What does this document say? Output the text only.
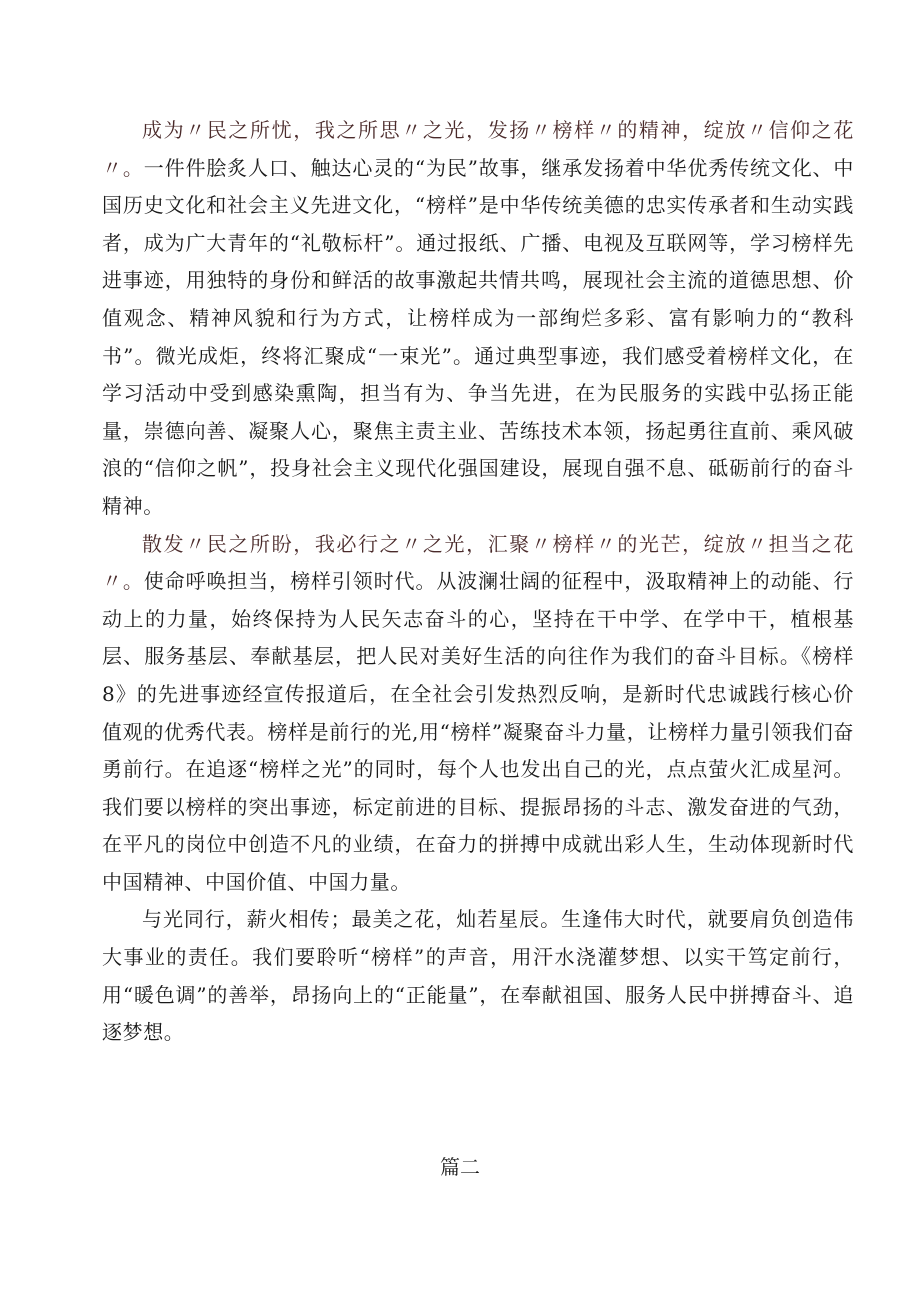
成为〃民之所忧，我之所思〃之光，发扬〃榜样〃的精神，绽放〃信仰之花〃。一件件脍炙人口、触达心灵的“为民”故事，继承发扬着中华优秀传统文化、中国历史文化和社会主义先进文化，“榜样”是中华传统美德的忠实传承者和生动实践者，成为广大青年的“礼敬标杆”。通过报纸、广播、电视及互联网等，学习榜样先进事迹，用独特的身份和鲜活的故事激起共情共鸣，展现社会主流的道德思想、价值观念、精神风貌和行为方式，让榜样成为一部绚烂多彩、富有影响力的“教科书”。微光成炬，终将汇聚成“一束光”。通过典型事迹，我们感受着榜样文化，在学习活动中受到感染熏陶，担当有为、争当先进，在为民服务的实践中弘扬正能量，崇德向善、凝聚人心，聚焦主责主业、苦练技术本领，扬起勇往直前、乘风破浪的“信仰之帆”，投身社会主义现代化强国建设，展现自强不息、砥砺前行的奋斗精神。

散发〃民之所盼，我必行之〃之光，汇聚〃榜样〃的光芒，绽放〃担当之花〃。使命呼唤担当，榜样引领时代。从波澜壮阔的征程中，汲取精神上的动能、行动上的力量，始终保持为人民矢志奋斗的心，坚持在干中学、在学中干，植根基层、服务基层、奉献基层，把人民对美好生活的向往作为我们的奋斗目标。《榜样8》的先进事迹经宣传报道后，在全社会引发热烈反响，是新时代忠诚践行核心价值观的优秀代表。榜样是前行的光,用“榜样”凝聚奋斗力量，让榜样力量引领我们奋勇前行。在追逐“榜样之光”的同时，每个人也发出自己的光，点点萤火汇成星河。我们要以榜样的突出事迹，标定前进的目标、提振昂扬的斗志、激发奋进的气劲，在平凡的岗位中创造不凡的业绩，在奋力的拼搏中成就出彩人生，生动体现新时代中国精神、中国价值、中国力量。

与光同行，薪火相传；最美之花，灿若星辰。生逢伟大时代，就要肩负创造伟大事业的责任。我们要聆听“榜样”的声音，用汗水浇灌梦想、以实干笃定前行，用“暖色调”的善举，昂扬向上的“正能量”，在奉献祖国、服务人民中拼搏奋斗、追逐梦想。

篇二
